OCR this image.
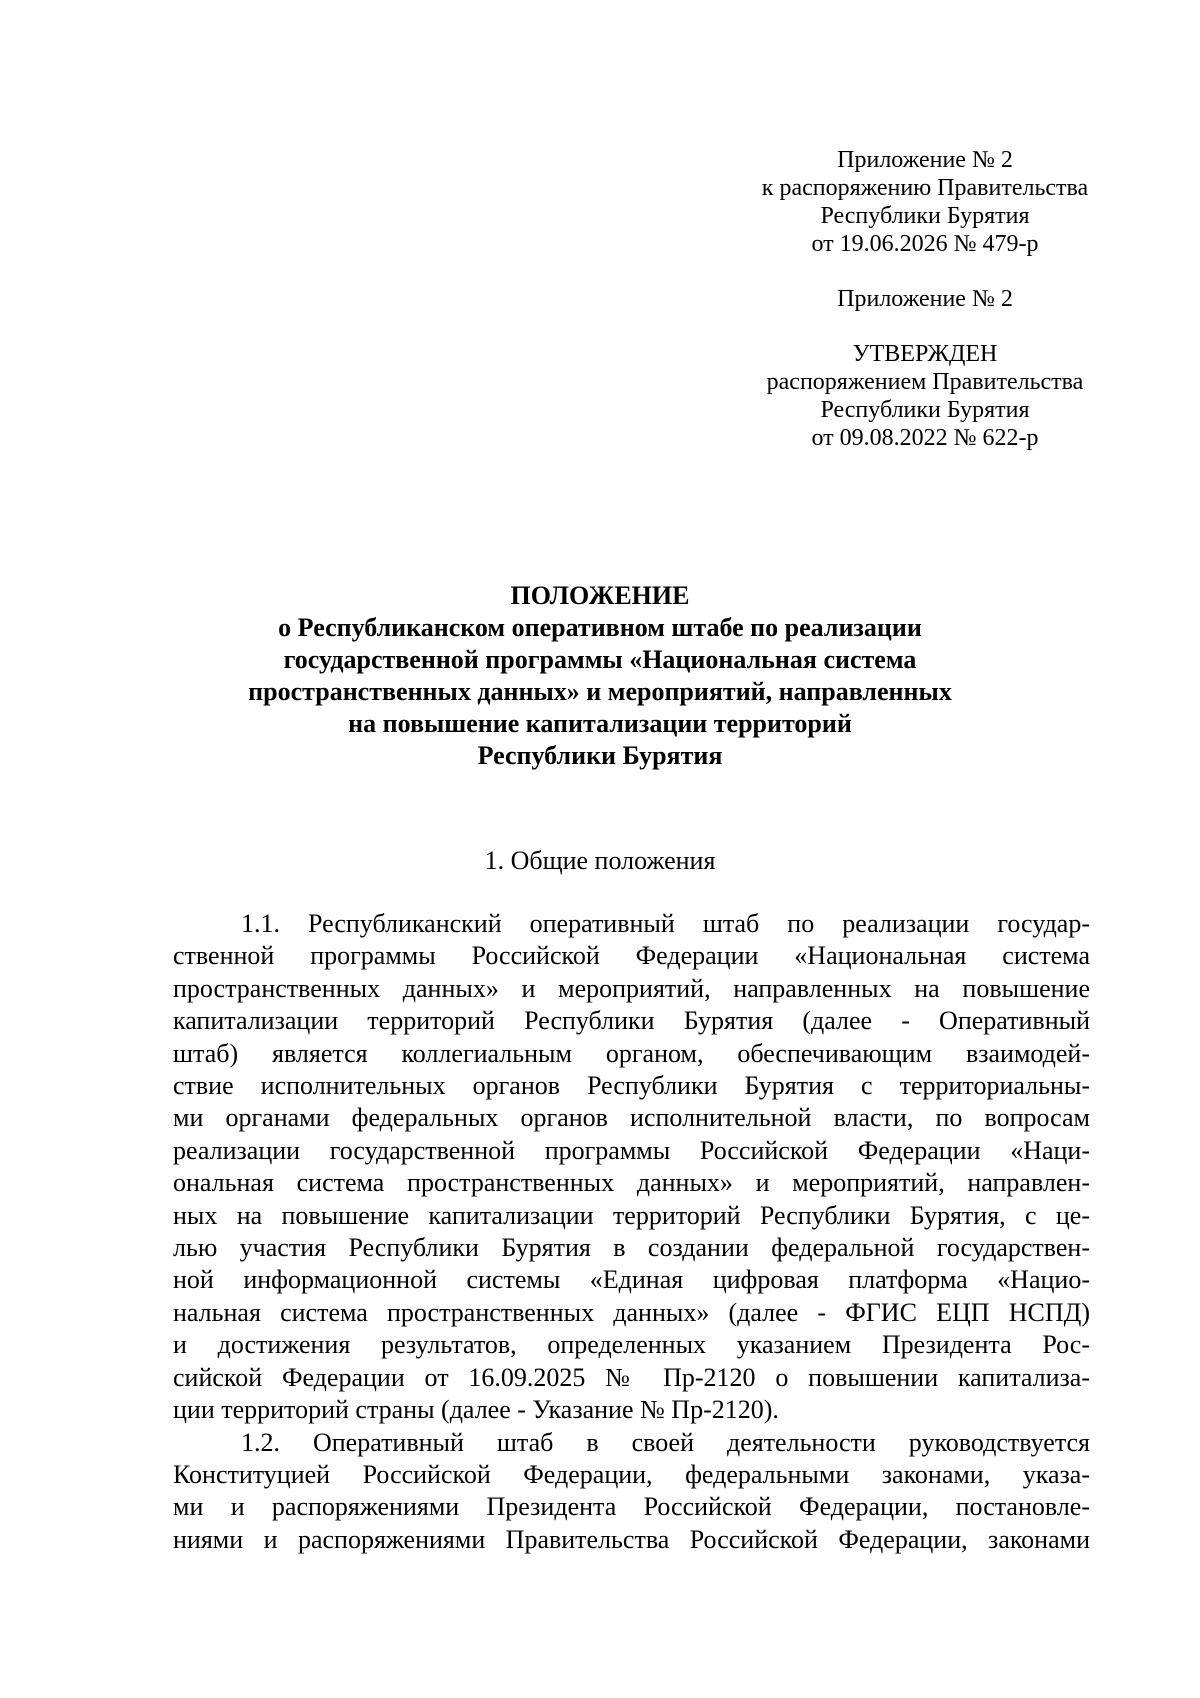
Приложение № 2
к распоряжению Правительства
Республики Бурятия
от 19.06.2026 № 479-р
Приложение № 2
УТВЕРЖДЕН
распоряжением Правительства
Республики Бурятия
от 09.08.2022 № 622-р
ПОЛОЖЕНИЕ
о Республиканском оперативном штабе по реализации
государственной программы «Национальная система
пространственных данных» и мероприятий, направленных
на повышение капитализации территорий
Республики Бурятия
1. Общие положения
1.1. Республиканский оперативный штаб по реализации государ-
ственной программы Российской Федерации «Национальная система
пространственных данных» и мероприятий, направленных на повышение
капитализации территорий Республики Бурятия (далее - Оперативный
штаб) является коллегиальным органом, обеспечивающим взаимодей-
ствие исполнительных органов Республики Бурятия с территориальны-
ми органами федеральных органов исполнительной власти, по вопросам
реализации государственной программы Российской Федерации «Наци-
ональная система пространственных данных» и мероприятий, направлен-
ных на повышение капитализации территорий Республики Бурятия, с це-
лью участия Республики Бурятия в создании федеральной государствен-
ной информационной системы «Единая цифровая платформа «Нацио-
нальная система пространственных данных» (далее - ФГИС ЕЦП НСПД)
и достижения результатов, определенных указанием Президента Рос-
сийской Федерации от 16.09.2025 № Пр-2120 о повышении капитализа-
ции территорий страны (далее - Указание № Пр-2120).
1.2. Оперативный штаб в своей деятельности руководствуется
Конституцией Российской Федерации, федеральными законами, указа-
ми и распоряжениями Президента Российской Федерации, постановле-
ниями и распоряжениями Правительства Российской Федерации, законами
